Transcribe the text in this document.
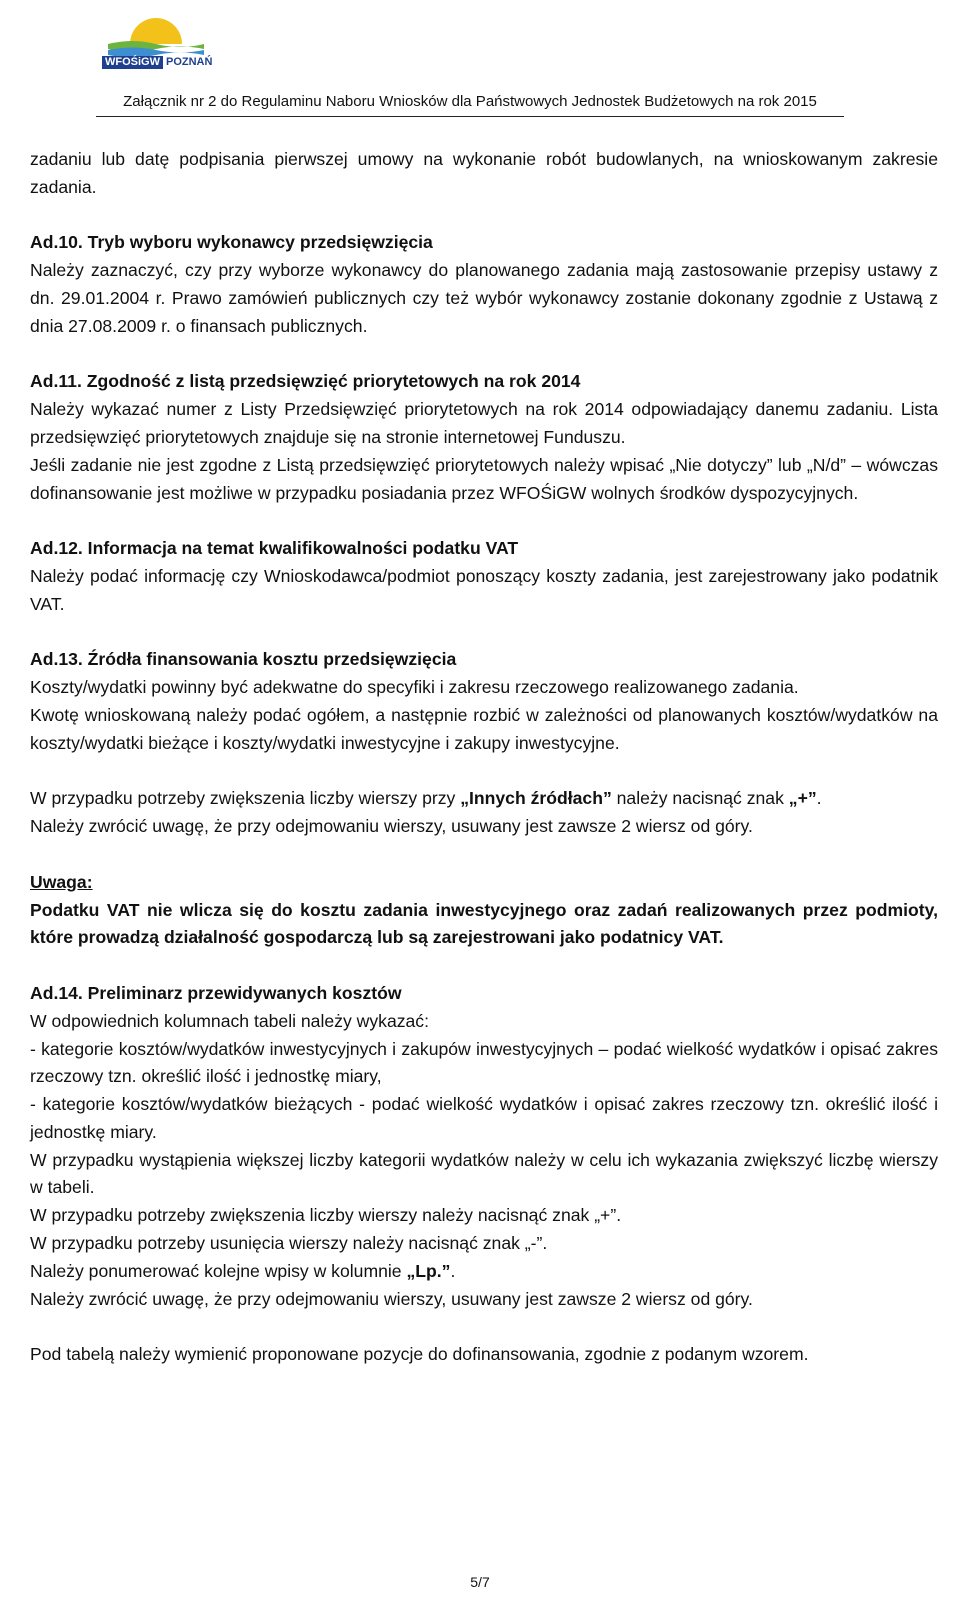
WFOŚiGW POZNAŃ
Załącznik nr 2 do Regulaminu Naboru Wniosków dla Państwowych Jednostek Budżetowych na rok 2015

zadaniu lub datę podpisania pierwszej umowy na wykonanie robót budowlanych, na wnioskowanym zakresie zadania.

Ad.10. Tryb wyboru wykonawcy przedsięwzięcia

Należy zaznaczyć, czy przy wyborze wykonawcy do planowanego zadania mają zastosowanie przepisy ustawy z dn. 29.01.2004 r. Prawo zamówień publicznych czy też wybór wykonawcy zostanie dokonany zgodnie z Ustawą z dnia 27.08.2009 r. o finansach publicznych.

Ad.11. Zgodność z listą przedsięwzięć priorytetowych na rok 2014

Należy wykazać numer z Listy Przedsięwzięć priorytetowych na rok 2014 odpowiadający danemu zadaniu. Lista przedsięwzięć priorytetowych znajduje się na stronie internetowej Funduszu.

Jeśli zadanie nie jest zgodne z Listą przedsięwzięć priorytetowych należy wpisać „Nie dotyczy” lub „N/d” – wówczas dofinansowanie jest możliwe w przypadku posiadania przez WFOŚiGW wolnych środków dyspozycyjnych.

Ad.12. Informacja na temat kwalifikowalności podatku VAT

Należy podać informację czy Wnioskodawca/podmiot ponoszący koszty zadania, jest zarejestrowany jako podatnik VAT.

Ad.13. Źródła finansowania kosztu przedsięwzięcia

Koszty/wydatki powinny być adekwatne do specyfiki i zakresu rzeczowego realizowanego zadania.

Kwotę wnioskowaną należy podać ogółem, a następnie rozbić w zależności od planowanych kosztów/wydatków na koszty/wydatki bieżące i koszty/wydatki inwestycyjne i zakupy inwestycyjne.

W przypadku potrzeby zwiększenia liczby wierszy przy „Innych źródłach” należy nacisnąć znak „+”.

Należy zwrócić uwagę, że przy odejmowaniu wierszy, usuwany jest zawsze 2 wiersz od góry.

Uwaga:

Podatku VAT nie wlicza się do kosztu zadania inwestycyjnego oraz zadań realizowanych przez podmioty, które prowadzą działalność gospodarczą lub są zarejestrowani jako podatnicy VAT.

Ad.14. Preliminarz przewidywanych kosztów

W odpowiednich kolumnach tabeli należy wykazać:

- kategorie kosztów/wydatków inwestycyjnych i zakupów inwestycyjnych – podać wielkość wydatków i opisać zakres rzeczowy tzn. określić ilość i jednostkę miary,

- kategorie kosztów/wydatków bieżących - podać wielkość wydatków i opisać zakres rzeczowy tzn. określić ilość i jednostkę miary.

W przypadku wystąpienia większej liczby kategorii wydatków należy w celu ich wykazania zwiększyć liczbę wierszy w tabeli.

W przypadku potrzeby zwiększenia liczby wierszy należy nacisnąć znak „+”.

W przypadku potrzeby usunięcia wierszy należy nacisnąć znak „-”.

Należy ponumerować kolejne wpisy w kolumnie „Lp.”.

Należy zwrócić uwagę, że przy odejmowaniu wierszy, usuwany jest zawsze 2 wiersz od góry.

Pod tabelą należy wymienić proponowane pozycje do dofinansowania, zgodnie z podanym wzorem.

5/7
